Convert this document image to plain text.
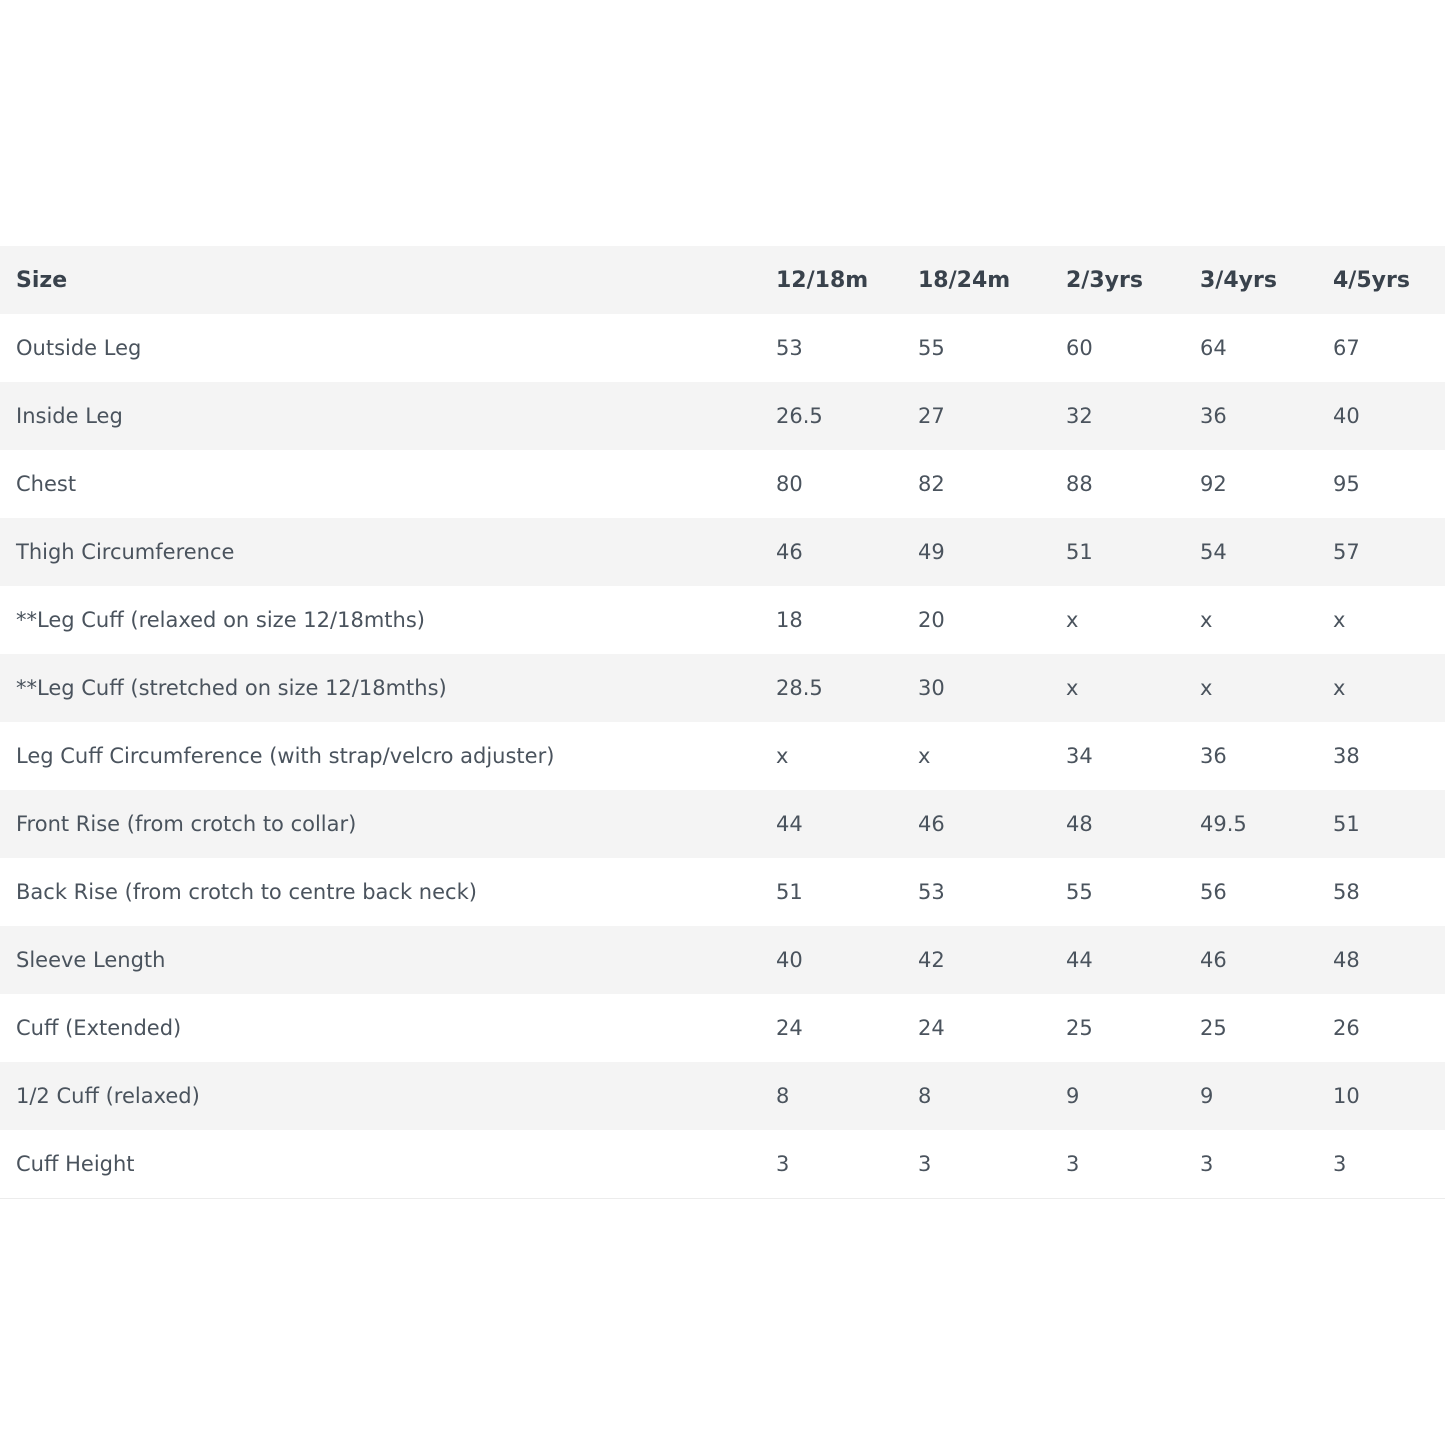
Size	12/18m	18/24m	2/3yrs	3/4yrs	4/5yrs
Outside Leg	53	55	60	64	67
Inside Leg	26.5	27	32	36	40
Chest	80	82	88	92	95
Thigh Circumference	46	49	51	54	57
**Leg Cuff (relaxed on size 12/18mths)	18	20	x	x	x
**Leg Cuff (stretched on size 12/18mths)	28.5	30	x	x	x
Leg Cuff Circumference (with strap/velcro adjuster)	x	x	34	36	38
Front Rise (from crotch to collar)	44	46	48	49.5	51
Back Rise (from crotch to centre back neck)	51	53	55	56	58
Sleeve Length	40	42	44	46	48
Cuff (Extended)	24	24	25	25	26
1/2 Cuff (relaxed)	8	8	9	9	10
Cuff Height	3	3	3	3	3
